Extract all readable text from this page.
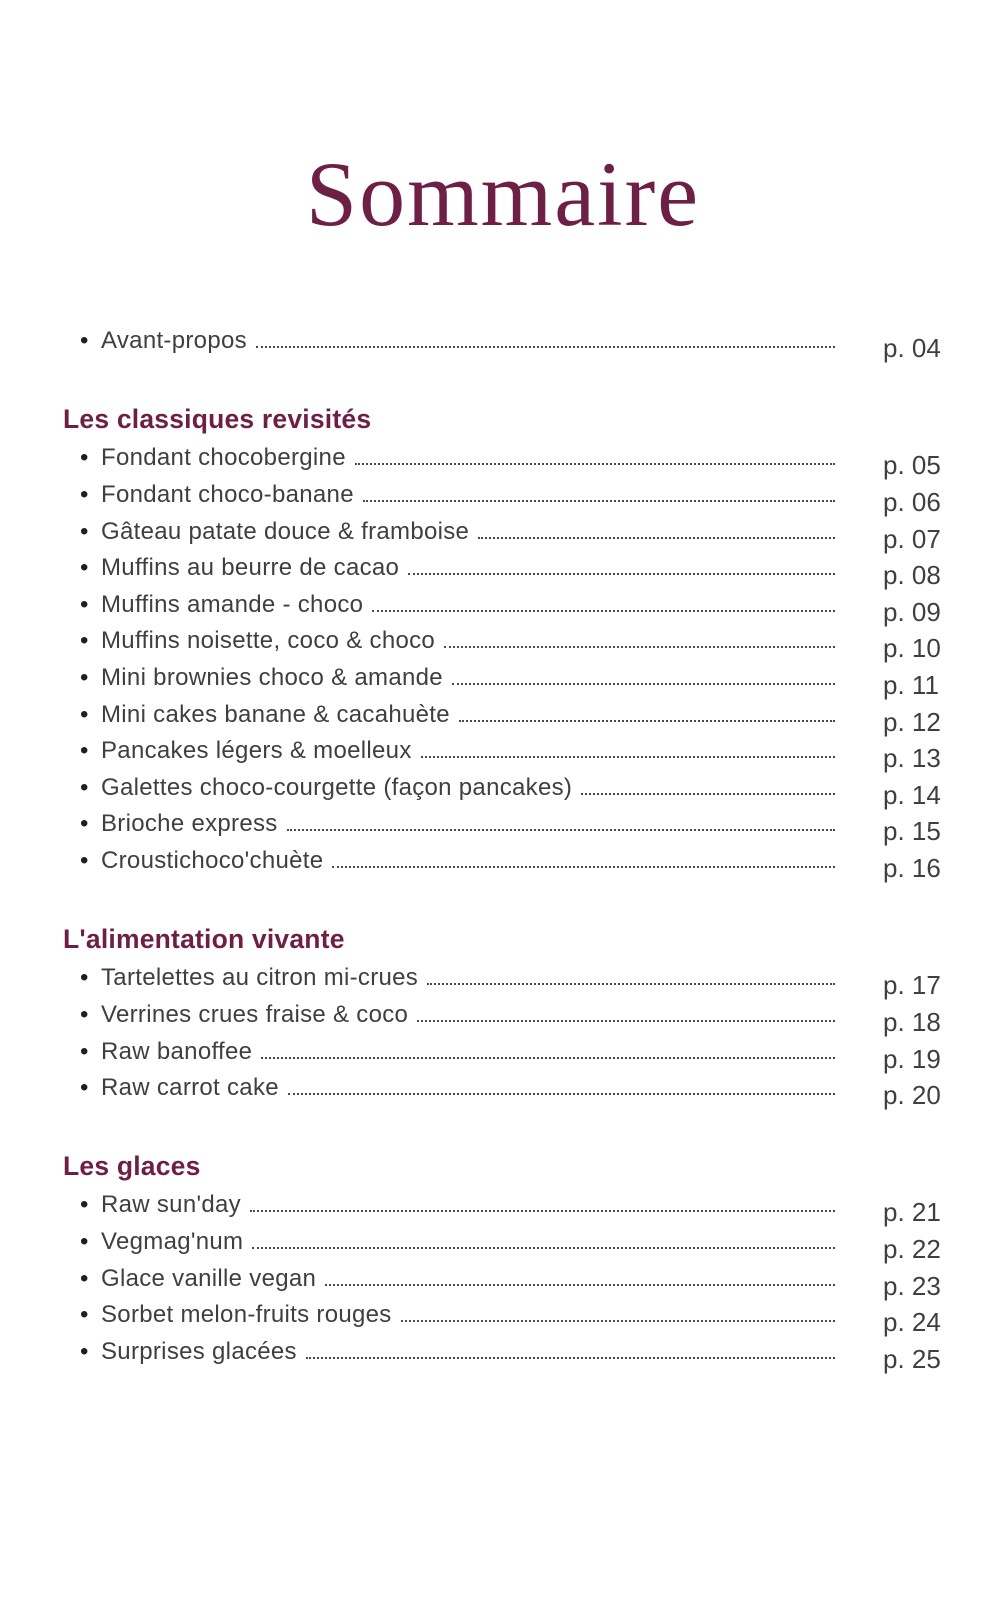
Sommaire
• Avant-propos	p. 04
Les classiques revisités
• Fondant chocobergine	p. 05
• Fondant choco-banane	p. 06
• Gâteau patate douce & framboise	p. 07
• Muffins au beurre de cacao	p. 08
• Muffins amande - choco	p. 09
• Muffins noisette, coco & choco	p. 10
• Mini brownies choco & amande	p. 11
• Mini cakes banane & cacahuète	p. 12
• Pancakes légers & moelleux	p. 13
• Galettes choco-courgette (façon pancakes)	p. 14
• Brioche express	p. 15
• Croustichoco'chuète	p. 16
L'alimentation vivante
• Tartelettes au citron mi-crues	p. 17
• Verrines crues fraise & coco	p. 18
• Raw banoffee	p. 19
• Raw carrot cake	p. 20
Les glaces
• Raw sun'day	p. 21
• Vegmag'num	p. 22
• Glace vanille vegan	p. 23
• Sorbet melon-fruits rouges	p. 24
• Surprises glacées	p. 25
